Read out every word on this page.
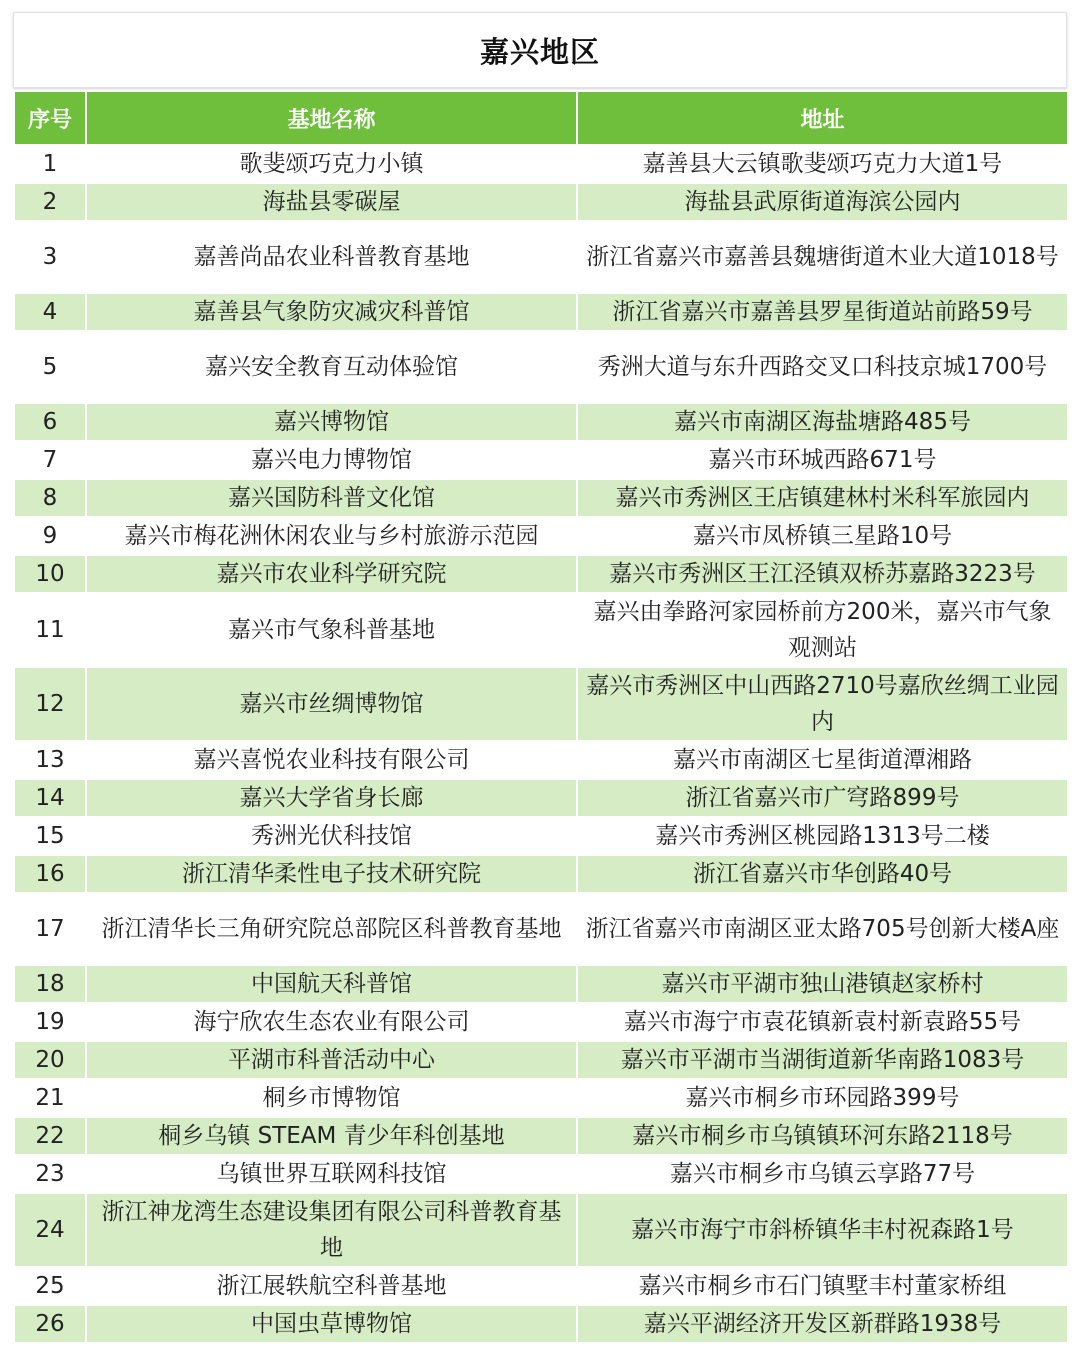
嘉兴地区
序号	基地名称	地址
1	歌斐颂巧克力小镇	嘉善县大云镇歌斐颂巧克力大道1号
2	海盐县零碳屋	海盐县武原街道海滨公园内
3	嘉善尚品农业科普教育基地	浙江省嘉兴市嘉善县魏塘街道木业大道1018号
4	嘉善县气象防灾减灾科普馆	浙江省嘉兴市嘉善县罗星街道站前路59号
5	嘉兴安全教育互动体验馆	秀洲大道与东升西路交叉口科技京城1700号
6	嘉兴博物馆	嘉兴市南湖区海盐塘路485号
7	嘉兴电力博物馆	嘉兴市环城西路671号
8	嘉兴国防科普文化馆	嘉兴市秀洲区王店镇建林村米科军旅园内
9	嘉兴市梅花洲休闲农业与乡村旅游示范园	嘉兴市凤桥镇三星路10号
10	嘉兴市农业科学研究院	嘉兴市秀洲区王江泾镇双桥苏嘉路3223号
11	嘉兴市气象科普基地	嘉兴由拳路河家园桥前方200米，嘉兴市气象观测站
12	嘉兴市丝绸博物馆	嘉兴市秀洲区中山西路2710号嘉欣丝绸工业园内
13	嘉兴喜悦农业科技有限公司	嘉兴市南湖区七星街道潭湘路
14	嘉兴大学省身长廊	浙江省嘉兴市广穹路899号
15	秀洲光伏科技馆	嘉兴市秀洲区桃园路1313号二楼
16	浙江清华柔性电子技术研究院	浙江省嘉兴市华创路40号
17	浙江清华长三角研究院总部院区科普教育基地	浙江省嘉兴市南湖区亚太路705号创新大楼A座
18	中国航天科普馆	嘉兴市平湖市独山港镇赵家桥村
19	海宁欣农生态农业有限公司	嘉兴市海宁市袁花镇新袁村新袁路55号
20	平湖市科普活动中心	嘉兴市平湖市当湖街道新华南路1083号
21	桐乡市博物馆	嘉兴市桐乡市环园路399号
22	桐乡乌镇 STEAM 青少年科创基地	嘉兴市桐乡市乌镇镇环河东路2118号
23	乌镇世界互联网科技馆	嘉兴市桐乡市乌镇云享路77号
24	浙江神龙湾生态建设集团有限公司科普教育基地	嘉兴市海宁市斜桥镇华丰村祝森路1号
25	浙江展轶航空科普基地	嘉兴市桐乡市石门镇墅丰村董家桥组
26	中国虫草博物馆	嘉兴平湖经济开发区新群路1938号
